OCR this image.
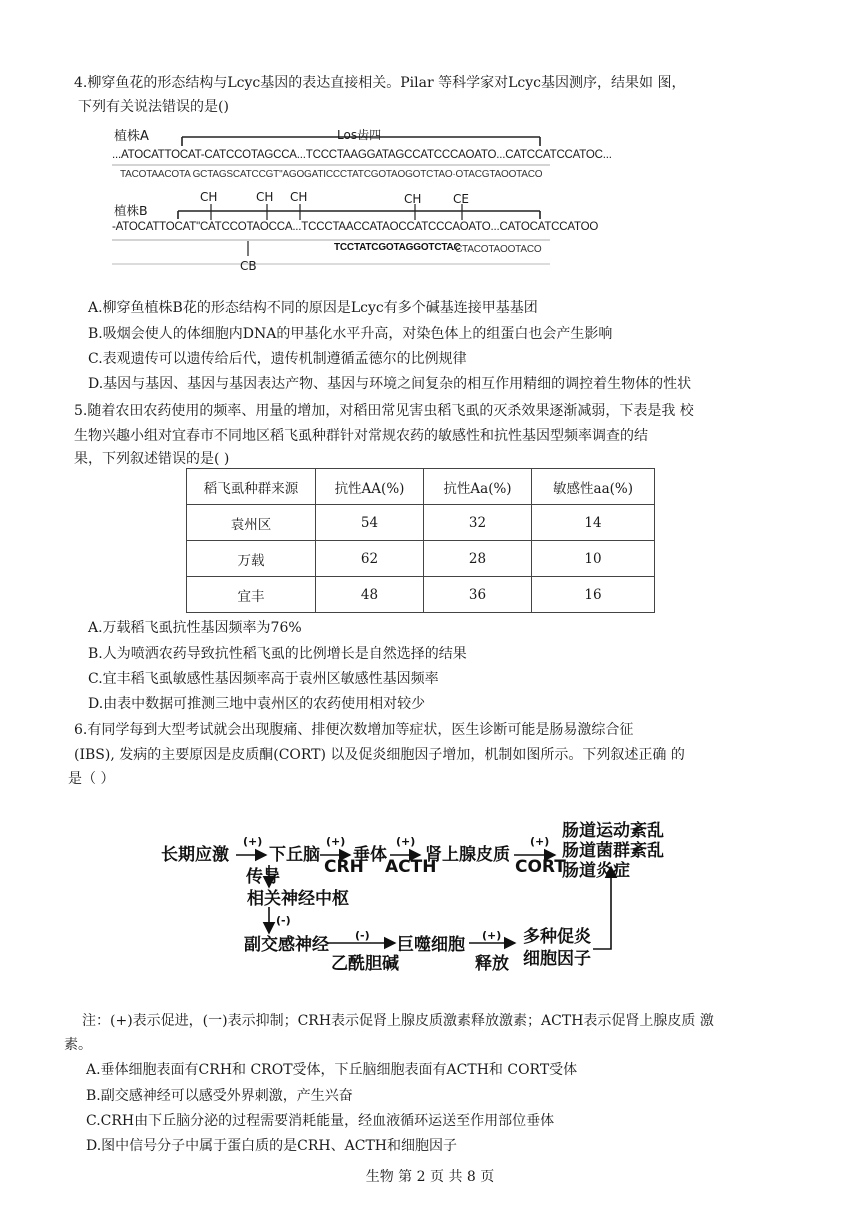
4.柳穿鱼花的形态结构与Lcyc基因的表达直接相关。Pilar 等科学家对Lcyc基因测序，结果如 图，
下列有关说法错误的是()
植株A	Los齿四
...ATOCATTOCAT-CATCCOTAGCCA...TCCCTAAGGATAGCCATCCCAOATO...CATCCATCCATOC...
TACOTAACOTA GCTAGSCATCCGT"AGOGATICCCTATCGOTAOGOTCTAO·OTACGTAOOTACO
CH	CH CH	CH	CE
植株B
-ATOCATTOCAT"CATCCOTAOCCA...TCCCTAACCATAOCCATCCCAOATO...CATOCATCCATOO
TCCTATCGOTAGGOTCTAC
·CTACOTAOOTACO
CB
A.柳穿鱼植株B花的形态结构不同的原因是Lcyc有多个碱基连接甲基基团
B.吸烟会使人的体细胞内DNA的甲基化水平升高，对染色体上的组蛋白也会产生影响
C.表观遗传可以遗传给后代，遗传机制遵循孟德尔的比例规律
D.基因与基因、基因与基因表达产物、基因与环境之间复杂的相互作用精细的调控着生物体的性状
5.随着农田农药使用的频率、用量的增加，对稻田常见害虫稻飞虱的灭杀效果逐渐减弱，下表是我 校
生物兴趣小组对宜春市不同地区稻飞虱种群针对常规农药的敏感性和抗性基因型频率调查的结
果，下列叙述错误的是( )
稻飞虱种群来源	抗性AA(%)	抗性Aa(%)	敏感性aa(%)
袁州区	54	32	14
万载	62	28	10
宜丰	48	36	16
A.万载稻飞虱抗性基因频率为76%
B.人为喷洒农药导致抗性稻飞虱的比例增长是自然选择的结果
C.宜丰稻飞虱敏感性基因频率高于袁州区敏感性基因频率
D.由表中数据可推测三地中袁州区的农药使用相对较少
6.有同学每到大型考试就会出现腹痛、排便次数增加等症状，医生诊断可能是肠易激综合征
(IBS), 发病的主要原因是皮质酮(CORT) 以及促炎细胞因子增加，机制如图所示。下列叙述正确 的
是（ ）
长期应激
(+)
下丘脑
(+)
CRH
垂体
(+)
ACTH
肾上腺皮质
(+)
CORT
肠道运动紊乱
肠道菌群紊乱
肠道炎症
传导
相关神经中枢
(-)
副交感神经 (-)
乙酰胆碱
巨噬细胞 (+)
释放
多种促炎
细胞因子
注：(+)表示促进，(一)表示抑制；CRH表示促肾上腺皮质激素释放激素；ACTH表示促肾上腺皮质 激
素。
A.垂体细胞表面有CRH和 CROT受体，下丘脑细胞表面有ACTH和 CORT受体
B.副交感神经可以感受外界刺激，产生兴奋
C.CRH由下丘脑分泌的过程需要消耗能量，经血液循环运送至作用部位垂体
D.图中信号分子中属于蛋白质的是CRH、ACTH和细胞因子
生物 第 2 页 共 8 页
